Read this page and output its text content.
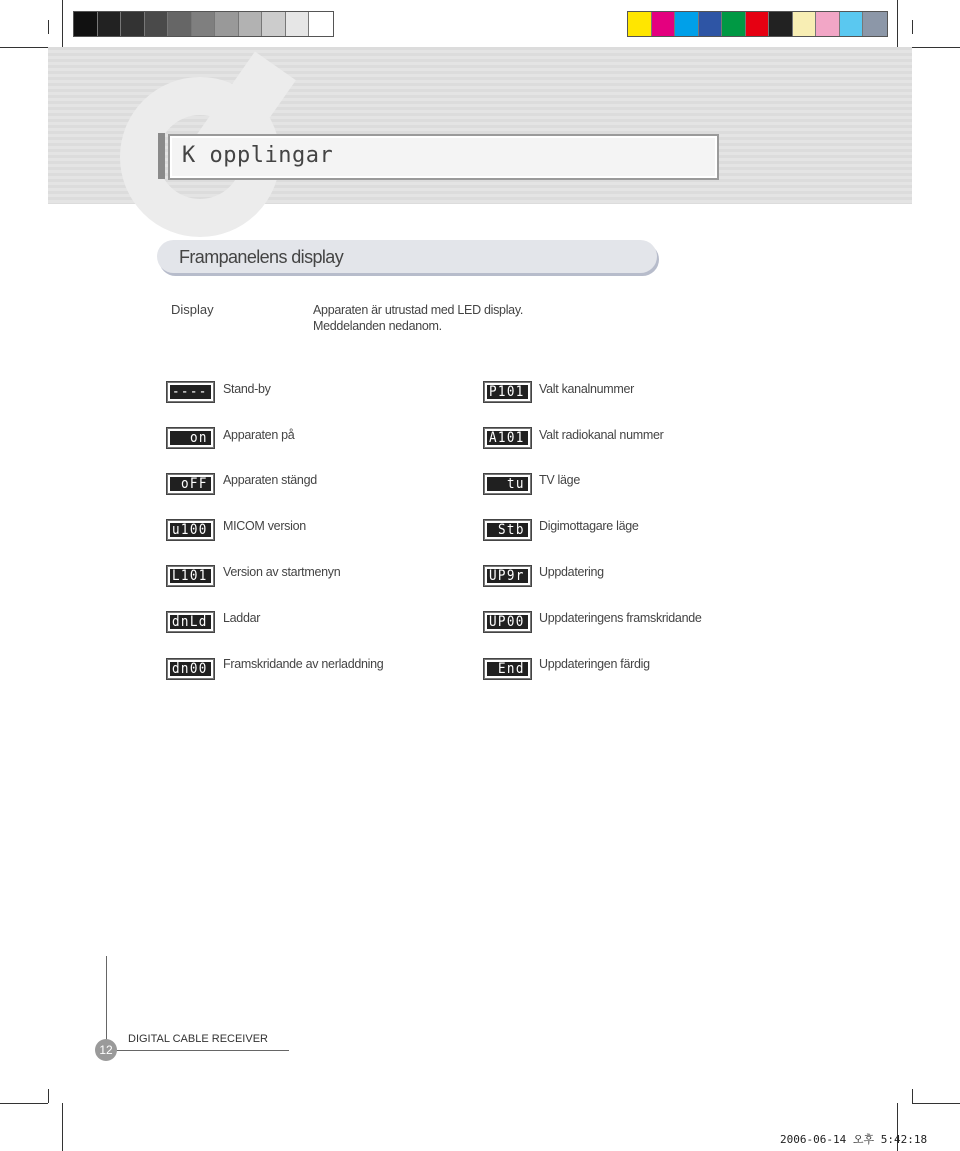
K opplingar
Frampanelens display
Display	Apparaten är utrustad med LED display.
Meddelanden nedanom.
---- Stand-by
on Apparaten på
oFF Apparaten stängd
u100 MICOM version
L101 Version av startmenyn
dnLd Laddar
dn00 Framskridande av nerladdning
P101 Valt kanalnummer
A101 Valt radiokanal nummer
tu TV läge
Stb Digimottagare läge
UP9r Uppdatering
UP00 Uppdateringens framskridande
End Uppdateringen färdig
12
DIGITAL CABLE RECEIVER
2006-06-14 오후 5:42:18
